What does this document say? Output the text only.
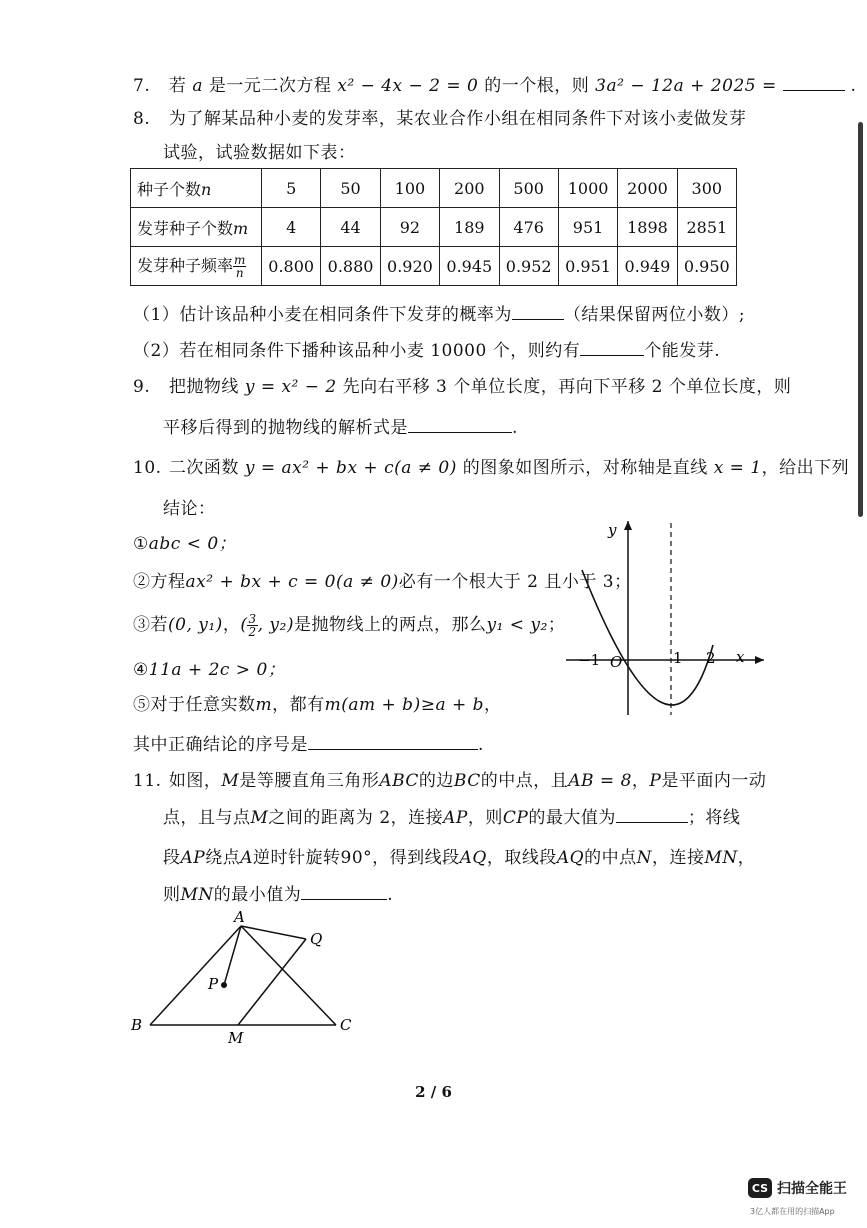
7. 若 a 是一元二次方程 x² − 4x − 2 = 0 的一个根，则 3a² − 12a + 2025 =	.
8. 为了解某品种小麦的发芽率，某农业合作小组在相同条件下对该小麦做发芽
试验，试验数据如下表：
种子个数n	5	50	100	200	500	1000	2000	300
发芽种子个数m	4	44	92	189	476	951	1898	2851
发芽种子频率 $\frac{m}{n}$	0.800	0.880	0.920	0.945	0.952	0.951	0.949	0.950
（1）估计该品种小麦在相同条件下发芽的概率为	（结果保留两位小数）;
（2）若在相同条件下播种该品种小麦 10000 个，则约有	个能发芽.
9. 把抛物线 y = x² − 2 先向右平移 3 个单位长度，再向下平移 2 个单位长度，则
平移后得到的抛物线的解析式是	.
10. 二次函数 y = ax² + bx + c(a ≠ 0) 的图象如图所示，对称轴是直线 x = 1，给出下列
结论：
①abc < 0；
②方程ax² + bx + c = 0(a ≠ 0)必有一个根大于 2 且小于 3；
③若(0, y₁)，( $\frac{3}{2}$ , y₂)是抛物线上的两点，那么y₁ < y₂；
④11a + 2c > 0；
⑤对于任意实数m，都有m(am + b)≥a + b，
其中正确结论的序号是	.
y
x
O
−1	1 2
11. 如图，M是等腰直角三角形ABC的边BC的中点，且AB = 8，P是平面内一动
点，且与点M之间的距离为 2，连接AP，则CP的最大值为	；将线
段AP绕点A逆时针旋转90°，得到线段AQ，取线段AQ的中点N，连接MN，
则MN的最小值为	.
A
B	C
M
P
Q
2 / 6
CS 扫描全能王
3亿人都在用的扫描App
